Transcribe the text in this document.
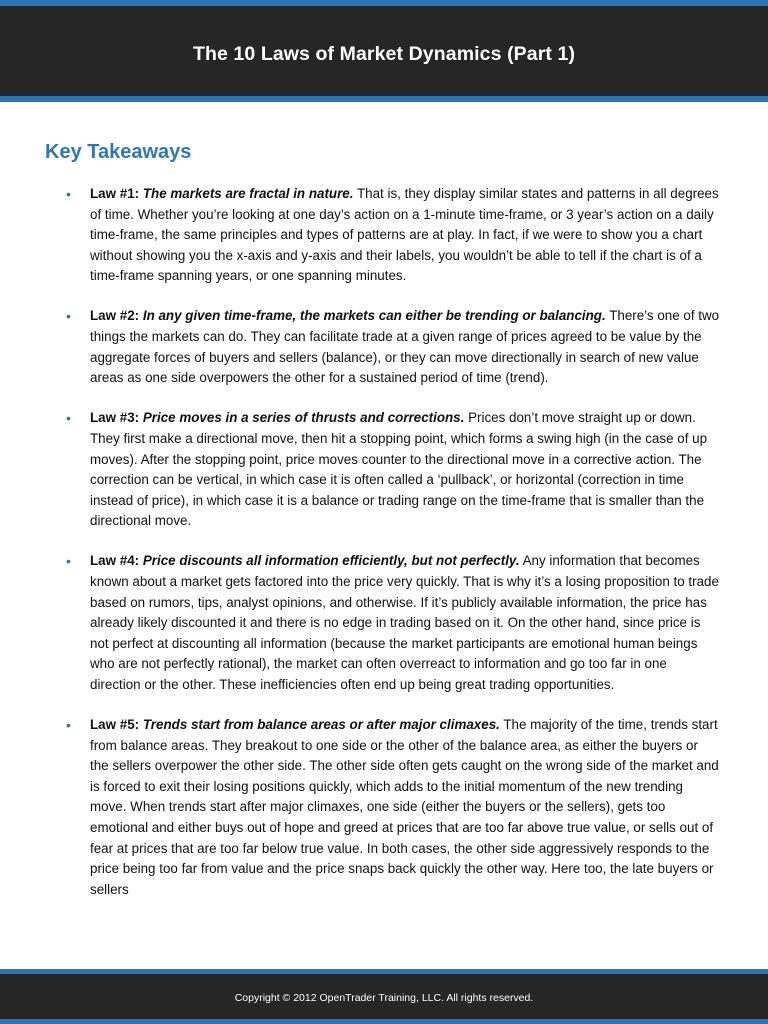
The 10 Laws of Market Dynamics (Part 1)
Key Takeaways
• Law #1: The markets are fractal in nature. That is, they display similar states and patterns in all degrees of time. Whether you’re looking at one day’s action on a 1-minute time-frame, or 3 year’s action on a daily time-frame, the same principles and types of patterns are at play. In fact, if we were to show you a chart without showing you the x-axis and y-axis and their labels, you wouldn’t be able to tell if the chart is of a time-frame spanning years, or one spanning minutes.
• Law #2: In any given time-frame, the markets can either be trending or balancing. There’s one of two things the markets can do. They can facilitate trade at a given range of prices agreed to be value by the aggregate forces of buyers and sellers (balance), or they can move directionally in search of new value areas as one side overpowers the other for a sustained period of time (trend).
• Law #3: Price moves in a series of thrusts and corrections. Prices don’t move straight up or down. They first make a directional move, then hit a stopping point, which forms a swing high (in the case of up moves). After the stopping point, price moves counter to the directional move in a corrective action. The correction can be vertical, in which case it is often called a ‘pullback’, or horizontal (correction in time instead of price), in which case it is a balance or trading range on the time-frame that is smaller than the directional move.
• Law #4: Price discounts all information efficiently, but not perfectly. Any information that becomes known about a market gets factored into the price very quickly. That is why it’s a losing proposition to trade based on rumors, tips, analyst opinions, and otherwise. If it’s publicly available information, the price has already likely discounted it and there is no edge in trading based on it. On the other hand, since price is not perfect at discounting all information (because the market participants are emotional human beings who are not perfectly rational), the market can often overreact to information and go too far in one direction or the other. These inefficiencies often end up being great trading opportunities.
• Law #5: Trends start from balance areas or after major climaxes. The majority of the time, trends start from balance areas. They breakout to one side or the other of the balance area, as either the buyers or the sellers overpower the other side. The other side often gets caught on the wrong side of the market and is forced to exit their losing positions quickly, which adds to the initial momentum of the new trending move. When trends start after major climaxes, one side (either the buyers or the sellers), gets too emotional and either buys out of hope and greed at prices that are too far above true value, or sells out of fear at prices that are too far below true value. In both cases, the other side aggressively responds to the price being too far from value and the price snaps back quickly the other way. Here too, the late buyers or sellers
Copyright © 2012 OpenTrader Training, LLC. All rights reserved.
